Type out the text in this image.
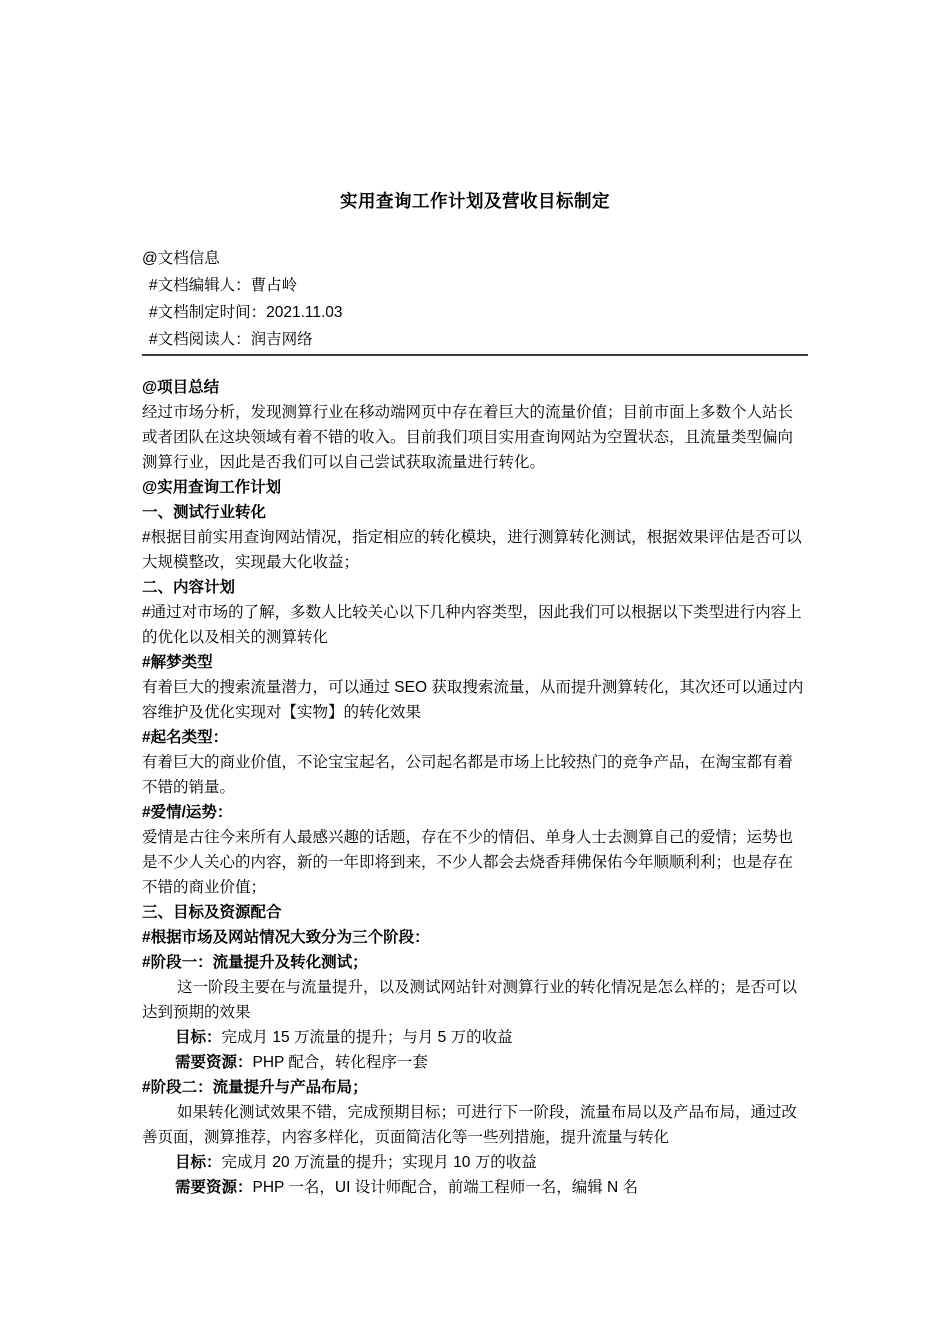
实用查询工作计划及营收目标制定
@文档信息
#文档编辑人：曹占岭
#文档制定时间：2021.11.03
#文档阅读人：润吉网络
@项目总结
经过市场分析，发现测算行业在移动端网页中存在着巨大的流量价值；目前市面上多数个人站长或者团队在这块领域有着不错的收入。目前我们项目实用查询网站为空置状态，且流量类型偏向测算行业，因此是否我们可以自己尝试获取流量进行转化。
@实用查询工作计划
一、测试行业转化
#根据目前实用查询网站情况，指定相应的转化模块，进行测算转化测试，根据效果评估是否可以大规模整改，实现最大化收益；
二、内容计划
#通过对市场的了解，多数人比较关心以下几种内容类型，因此我们可以根据以下类型进行内容上的优化以及相关的测算转化
#解梦类型
有着巨大的搜索流量潜力，可以通过 SEO 获取搜索流量，从而提升测算转化，其次还可以通过内容维护及优化实现对【实物】的转化效果
#起名类型：
有着巨大的商业价值，不论宝宝起名，公司起名都是市场上比较热门的竞争产品，在淘宝都有着不错的销量。
#爱情/运势：
爱情是古往今来所有人最感兴趣的话题，存在不少的情侣、单身人士去测算自己的爱情；运势也是不少人关心的内容，新的一年即将到来，不少人都会去烧香拜佛保佑今年顺顺利利；也是存在不错的商业价值；
三、目标及资源配合
#根据市场及网站情况大致分为三个阶段：
#阶段一：流量提升及转化测试；
这一阶段主要在与流量提升，以及测试网站针对测算行业的转化情况是怎么样的；是否可以达到预期的效果
目标：完成月 15 万流量的提升；与月 5 万的收益
需要资源：PHP 配合，转化程序一套
#阶段二：流量提升与产品布局；
如果转化测试效果不错，完成预期目标；可进行下一阶段，流量布局以及产品布局，通过改善页面，测算推荐，内容多样化，页面简洁化等一些列措施，提升流量与转化
目标：完成月 20 万流量的提升；实现月 10 万的收益
需要资源：PHP 一名，UI 设计师配合，前端工程师一名，编辑 N 名
